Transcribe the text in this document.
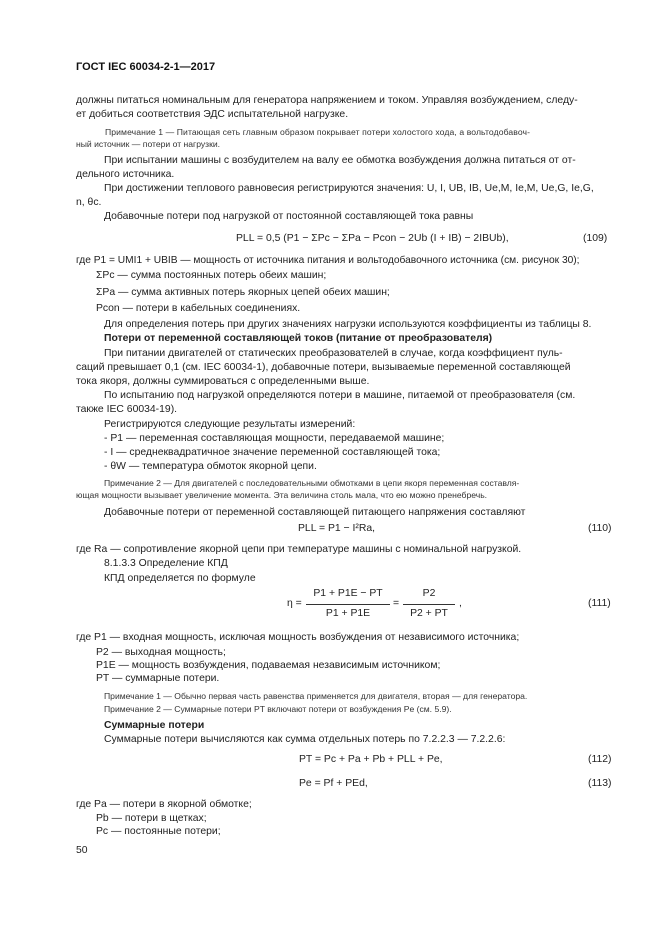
ГОСТ IEC 60034-2-1—2017
должны питаться номинальным для генератора напряжением и током. Управляя возбуждением, следу-
ет добиться соответствия ЭДС испытательной нагрузке.
Примечание 1 — Питающая сеть главным образом покрывает потери холостого хода, а вольтодобавоч-
ный источник — потери от нагрузки.
При испытании машины с возбудителем на валу ее обмотка возбуждения должна питаться от от-
дельного источника.
При достижении теплового равновесия регистрируются значения: U, I, UB, IB, Ue,M, Ie,M, Ue,G, Ie,G,
n, θc.
Добавочные потери под нагрузкой от постоянной составляющей тока равны
PLL = 0,5 (P1 − ΣPc − ΣPa − Pcon − 2Ub (I + IB) − 2IBUb),	(109)
где P1 = UMI1 + UBIB — мощность от источника питания и вольтодобавочного источника (см. рисунок 30);
ΣPc — сумма постоянных потерь обеих машин;
ΣPa — сумма активных потерь якорных цепей обеих машин;
Pcon — потери в кабельных соединениях.
Для определения потерь при других значениях нагрузки используются коэффициенты из таблицы 8.
Потери от переменной составляющей токов (питание от преобразователя)
При питании двигателей от статических преобразователей в случае, когда коэффициент пуль-
саций превышает 0,1 (см. IEC 60034-1), добавочные потери, вызываемые переменной составляющей
тока якоря, должны суммироваться с определенными выше.
По испытанию под нагрузкой определяются потери в машине, питаемой от преобразователя (см.
также IEC 60034-19).
Регистрируются следующие результаты измерений:
- P1 — переменная составляющая мощности, передаваемой машине;
- I — среднеквадратичное значение переменной составляющей тока;
- θW — температура обмоток якорной цепи.
Примечание 2 — Для двигателей с последовательными обмотками в цепи якоря переменная составля-
ющая мощности вызывает увеличение момента. Эта величина столь мала, что ею можно пренебречь.
Добавочные потери от переменной составляющей питающего напряжения составляют
PLL = P1 − I²Ra,	(110)
где Ra — сопротивление якорной цепи при температуре машины с номинальной нагрузкой.
8.1.3.3 Определение КПД
КПД определяется по формуле
η =
P1 + P1E − PT
P1 + P1E
=
P2
P2 + PT
,	(111)
где P1 — входная мощность, исключая мощность возбуждения от независимого источника;
P2 — выходная мощность;
P1E — мощность возбуждения, подаваемая независимым источником;
PT — суммарные потери.
Примечание 1 — Обычно первая часть равенства применяется для двигателя, вторая — для генератора.
Примечание 2 — Суммарные потери PT включают потери от возбуждения Pe (см. 5.9).
Суммарные потери
Суммарные потери вычисляются как сумма отдельных потерь по 7.2.2.3 — 7.2.2.6:
PT = Pc + Pa + Pb + PLL + Pe,	(112)
Pe = Pf + PEd,	(113)
где Pa — потери в якорной обмотке;
Pb — потери в щетках;
Pc — постоянные потери;
50
